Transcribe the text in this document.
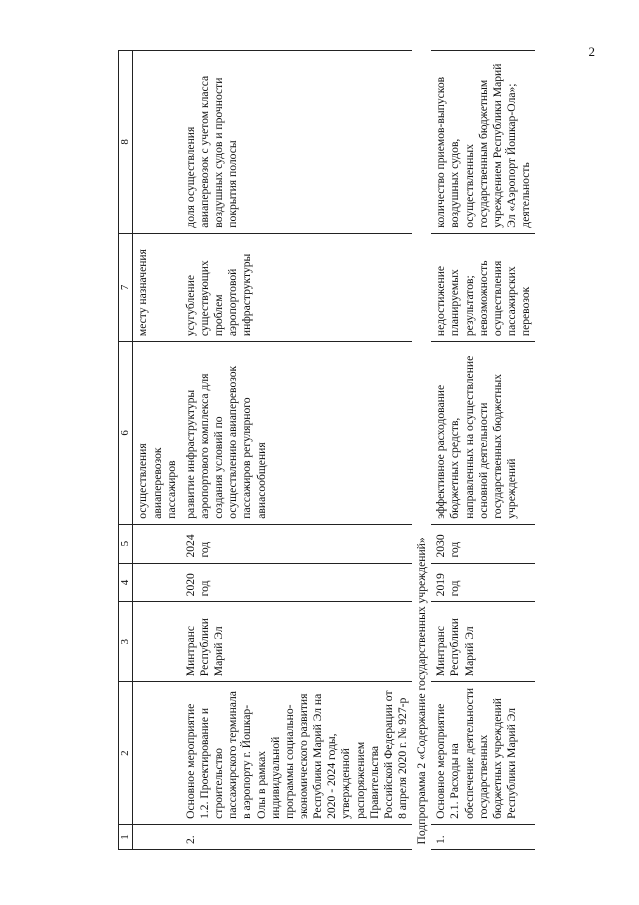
2
1	2	3	4	5	6	7	8
					осуществления
авиаперевозок
пассажиров	месту назначения	
2.	Основное мероприятие 1.2. Проектирование и строительство пассажирского терминала в аэропорту г. Йошкар-Олы в рамках индивидуальной программы социально-экономического развития Республики Марий Эл на 2020 - 2024 годы, утвержденной распоряжением Правительства Российской Федерации от 8 апреля 2020 г. № 927-р	Минтранс Республики Марий Эл	2020 год	2024 год	развитие инфраструктуры аэропортового комплекса для создания условий по осуществлению авиаперевозок пассажиров регулярного авиасообщения	усугубление существующих проблем аэропортовой инфраструктуры	доля осуществления авиаперевозок с учетом класса воздушных судов и прочности покрытия полосы
Подпрограмма 2 «Содержание государственных учреждений»							
1.	Основное мероприятие 2.1. Расходы на обеспечение деятельности государственных бюджетных учреждений Республики Марий Эл	Минтранс Республики Марий Эл	2019 год	2030 год	эффективное расходование бюджетных средств, направленных на осуществление основной деятельности государственных бюджетных учреждений	недостижение планируемых результатов; невозможность осуществления пассажирских перевозок	количество приемов-выпусков воздушных судов, осуществленных государственным бюджетным учреждением Республики Марий Эл «Аэропорт Йошкар-Ола»; деятельность
